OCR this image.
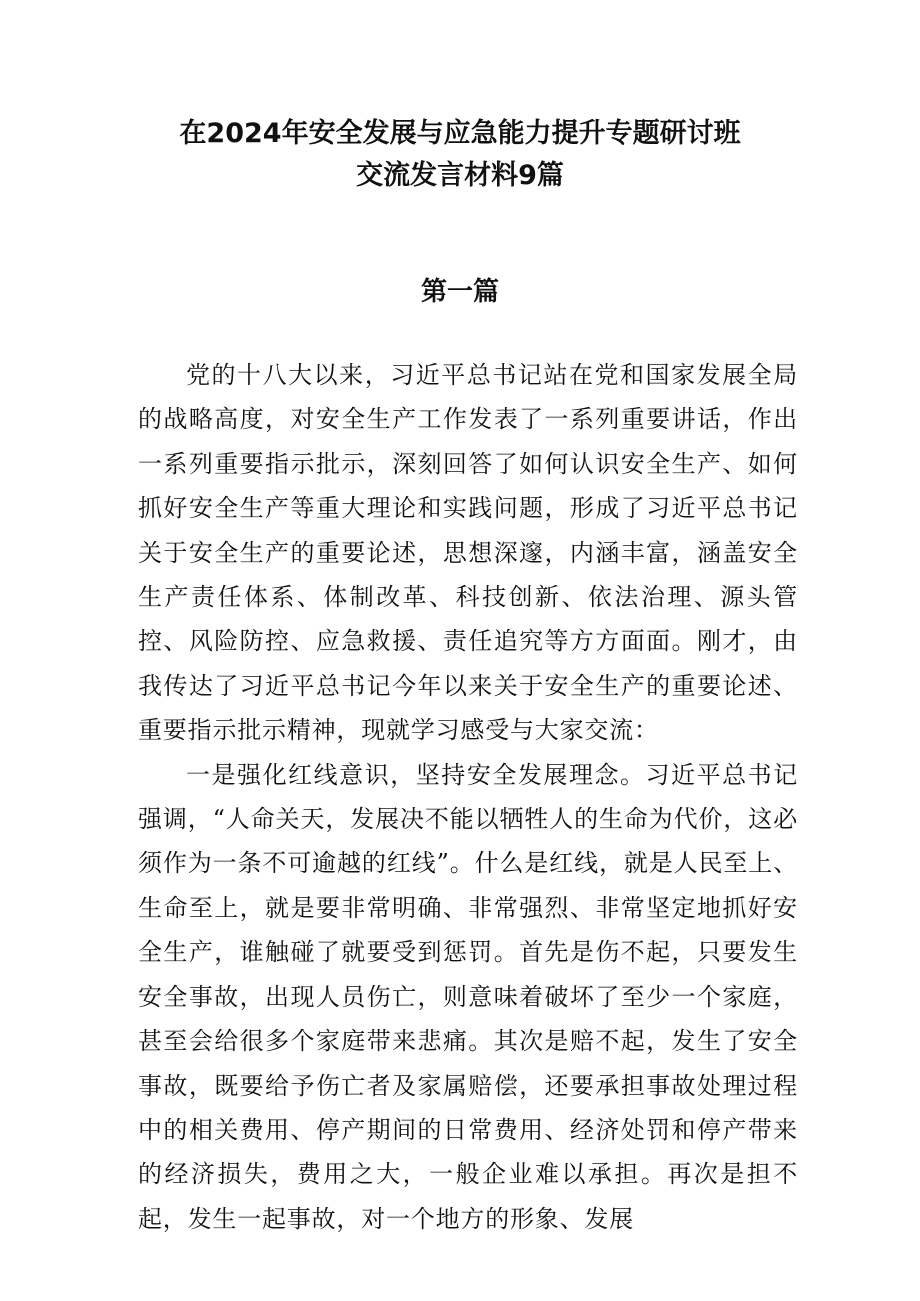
在2024年安全发展与应急能力提升专题研讨班
交流发言材料9篇
第一篇

党的十八大以来，习近平总书记站在党和国家发展全局的战略高度，对安全生产工作发表了一系列重要讲话，作出一系列重要指示批示，深刻回答了如何认识安全生产、如何抓好安全生产等重大理论和实践问题，形成了习近平总书记关于安全生产的重要论述，思想深邃，内涵丰富，涵盖安全生产责任体系、体制改革、科技创新、依法治理、源头管控、风险防控、应急救援、责任追究等方方面面。刚才，由我传达了习近平总书记今年以来关于安全生产的重要论述、重要指示批示精神，现就学习感受与大家交流：

一是强化红线意识，坚持安全发展理念。习近平总书记强调，“人命关天，发展决不能以牺牲人的生命为代价，这必须作为一条不可逾越的红线”。什么是红线，就是人民至上、生命至上，就是要非常明确、非常强烈、非常坚定地抓好安全生产，谁触碰了就要受到惩罚。首先是伤不起，只要发生安全事故，出现人员伤亡，则意味着破坏了至少一个家庭，甚至会给很多个家庭带来悲痛。其次是赔不起，发生了安全事故，既要给予伤亡者及家属赔偿，还要承担事故处理过程中的相关费用、停产期间的日常费用、经济处罚和停产带来的经济损失，费用之大，一般企业难以承担。再次是担不起，发生一起事故，对一个地方的形象、发展
